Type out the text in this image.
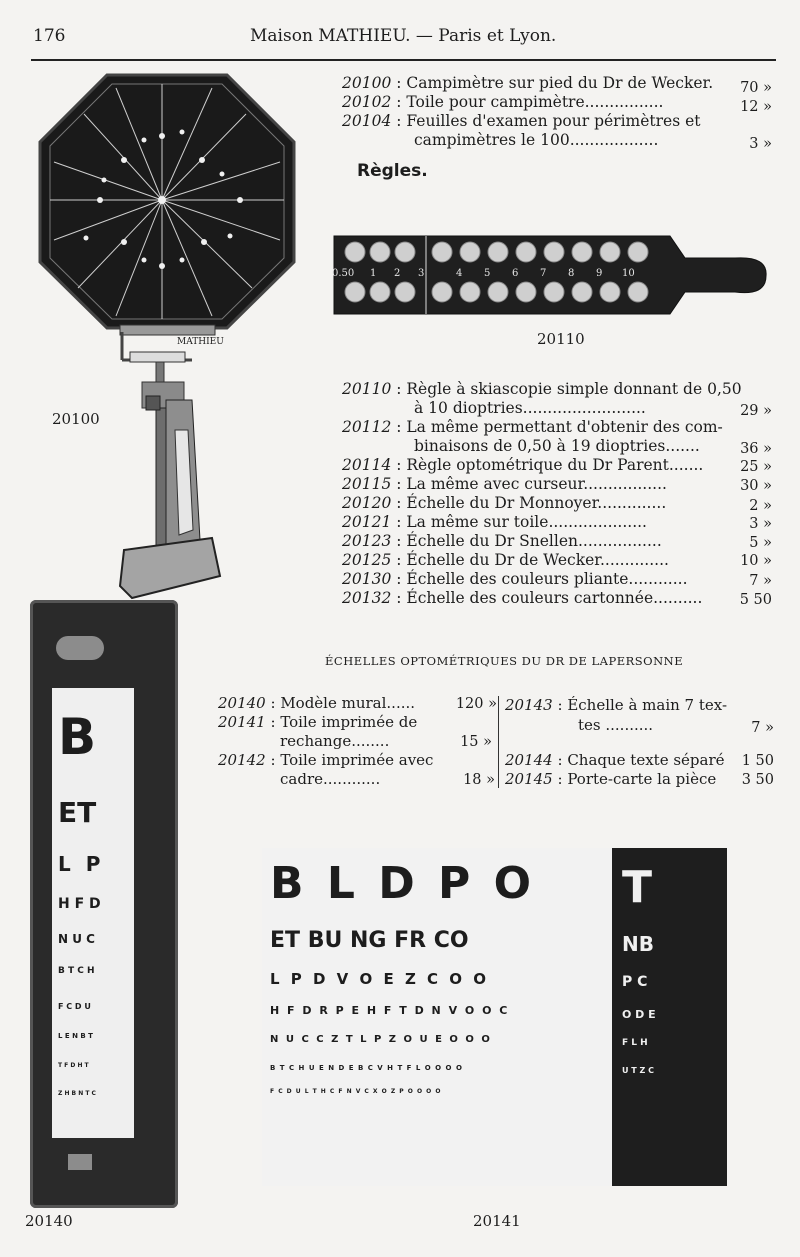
176	Maison MATHIEU. — Paris et Lyon.
MATHIEU
20100
20100 : Campimètre sur pied du Dr de Wecker.	70 »
20102 : Toile pour campimètre................	12 »
20104 : Feuilles d'examen pour périmètres et
campimètres le 100..................	3 »
Règles.
0.50 1 2 3	4 5 6 7 8 9 10
20110
20110 : Règle à skiascopie simple donnant de 0,50
à 10 dioptries.........................	29 »
20112 : La même permettant d'obtenir des com-
binaisons de 0,50 à 19 dioptries.......	36 »
20114 : Règle optométrique du Dr Parent.......	25 »
20115 : La même avec curseur.................	30 »
20120 : Échelle du Dr Monnoyer..............	2 »
20121 : La même sur toile....................	3 »
20123 : Échelle du Dr Snellen.................	5 »
20125 : Échelle du Dr de Wecker..............	10 »
20130 : Échelle des couleurs pliante............	7 »
20132 : Échelle des couleurs cartonnée..........	5 50
ÉCHELLES OPTOMÉTRIQUES DU DR DE LAPERSONNE
20140 : Modèle mural......	120 »
20141 : Toile imprimée de
rechange........	15 »
20142 : Toile imprimée avec
cadre............	18 »
20143 : Échelle à main 7 tex-
tes ..........	7 »
20144 : Chaque texte séparé	1 50
20145 : Porte-carte la pièce	3 50
B
ET
L P
H F D
N U C
B T C H
F C D U
L E N B T
T F D H T
Z H B N T C
20140
B L D P O
ET BU NG FR CO
L P D V O E Z C O O
H F D R P E H F T D N V O O C
N U C C Z T L P Z O U E O O O
B T C H U E N D E B C V H T F L O O O O
F C D U L T H C F N V C X O Z P O O O O
T
NB
P C
O D E
F L H
U T Z C
20141
